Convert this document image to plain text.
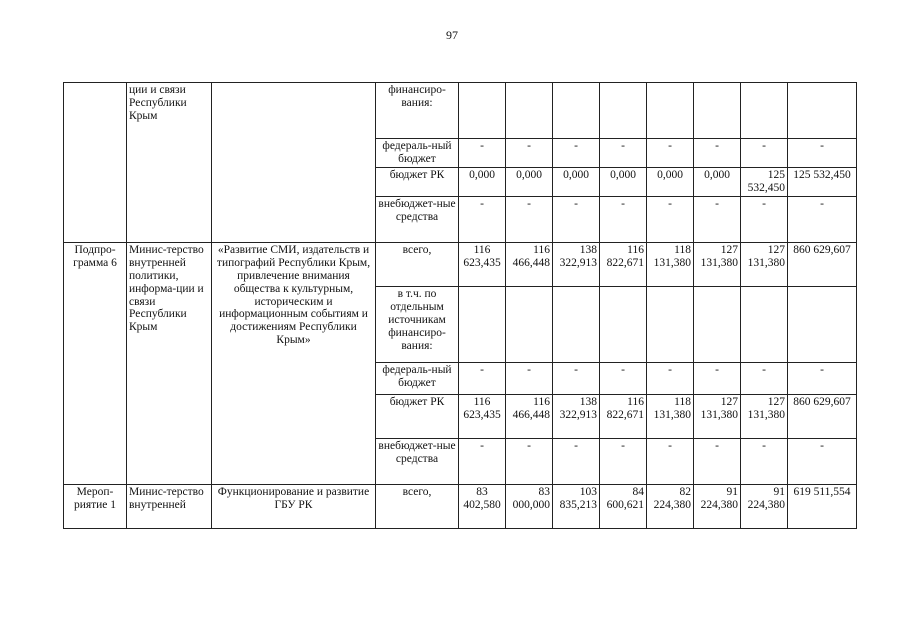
97
	ции и связи Республики Крым		финансиро-вания:								
			федераль-ный бюджет	-	-	-	-	-	-	-	-
			бюджет РК	0,000	0,000	0,000	0,000	0,000	0,000	125 532,450	125 532,450
			внебюджет-ные средства	-	-	-	-	-	-	-	-
Подпро-грамма 6	Минис-терство внутренней политики, информа-ции и связи Республики Крым	«Развитие СМИ, издательств и типографий Республики Крым, привлечение внимания общества к культурным, историческим и информационным событиям и достижениям Республики Крым»	всего,	116 623,435	116 466,448	138 322,913	116 822,671	118 131,380	127 131,380	127 131,380	860 629,607
			в т.ч. по отдельным источникам финансиро-вания:								
			федераль-ный бюджет	-	-	-	-	-	-	-	-
			бюджет РК	116 623,435	116 466,448	138 322,913	116 822,671	118 131,380	127 131,380	127 131,380	860 629,607
			внебюджет-ные средства	-	-	-	-	-	-	-	-
Мероп-риятие 1	Минис-терство внутренней	Функционирование и развитие ГБУ РК	всего,	83 402,580	83 000,000	103 835,213	84 600,621	82 224,380	91 224,380	91 224,380	619 511,554
